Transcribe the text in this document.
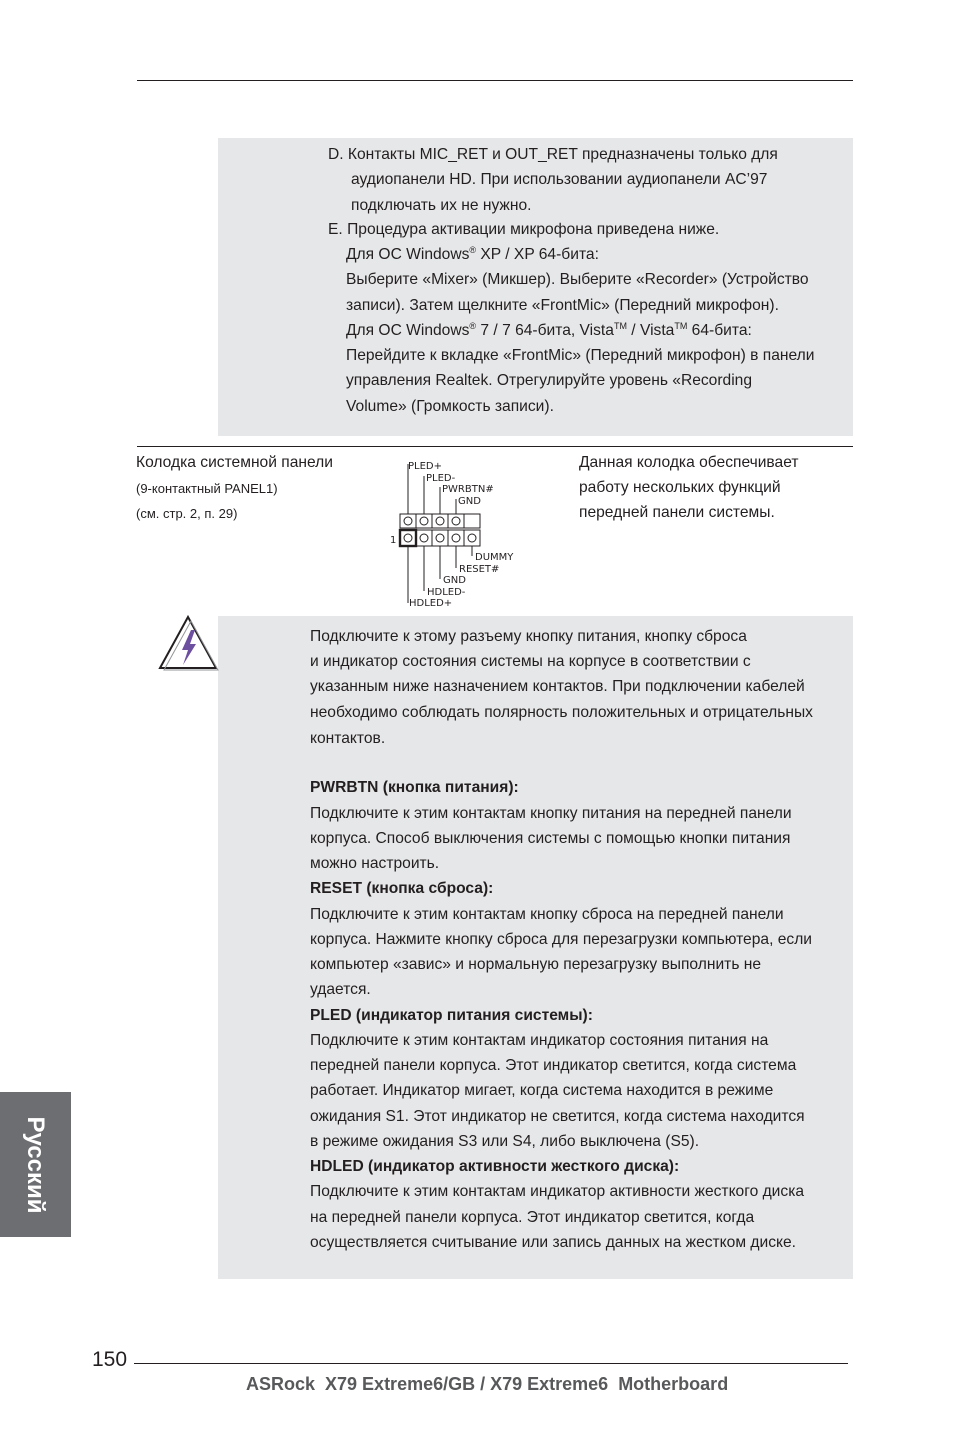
D. Контакты MIC_RET и OUT_RET предназначены только для
аудиопанели HD. При использовании аудиопанели AC’97
подключать их не нужно.
E. Процедура активации микрофона приведена ниже.
Для ОС Windows® XP / XP 64-бита:
Выберите «Mixer» (Микшер). Выберите «Recorder» (Устройство
записи). Затем щелкните «FrontMic» (Передний микрофон).
Для ОС Windows® 7 / 7 64-бита, Vista™ / Vista™ 64-бита:
Перейдите к вкладке «FrontMic» (Передний микрофон) в панели
управления Realtek. Отрегулируйте уровень «Recording
Volume» (Громкость записи).
Колодка системной панели
(9-контактный PANEL1)
(см. стр. 2, п. 29)
Данная колодка обеспечивает
работу нескольких функций
передней панели системы.
PLED+
PLED-
PWRBTN#
GND
1
DUMMY
RESET#
GND
HDLED-
HDLED+
Подключите к этому разъему кнопку питания, кнопку сброса
и индикатор состояния системы на корпусе в соответствии с
указанным ниже назначением контактов. При подключении кабелей
необходимо соблюдать полярность положительных и отрицательных
контактов.
PWRBTN (кнопка питания):
Подключите к этим контактам кнопку питания на передней панели
корпуса. Способ выключения системы с помощью кнопки питания
можно настроить.
RESET (кнопка сброса):
Подключите к этим контактам кнопку сброса на передней панели
корпуса. Нажмите кнопку сброса для перезагрузки компьютера, если
компьютер «завис» и нормальную перезагрузку выполнить не
удается.
PLED (индикатор питания системы):
Подключите к этим контактам индикатор состояния питания на
передней панели корпуса. Этот индикатор светится, когда система
работает. Индикатор мигает, когда система находится в режиме
ожидания S1. Этот индикатор не светится, когда система находится
в режиме ожидания S3 или S4, либо выключена (S5).
HDLED (индикатор активности жесткого диска):
Подключите к этим контактам индикатор активности жесткого диска
на передней панели корпуса. Этот индикатор светится, когда
осуществляется считывание или запись данных на жестком диске.
Русский
150
ASRock  X79 Extreme6/GB / X79 Extreme6  Motherboard
